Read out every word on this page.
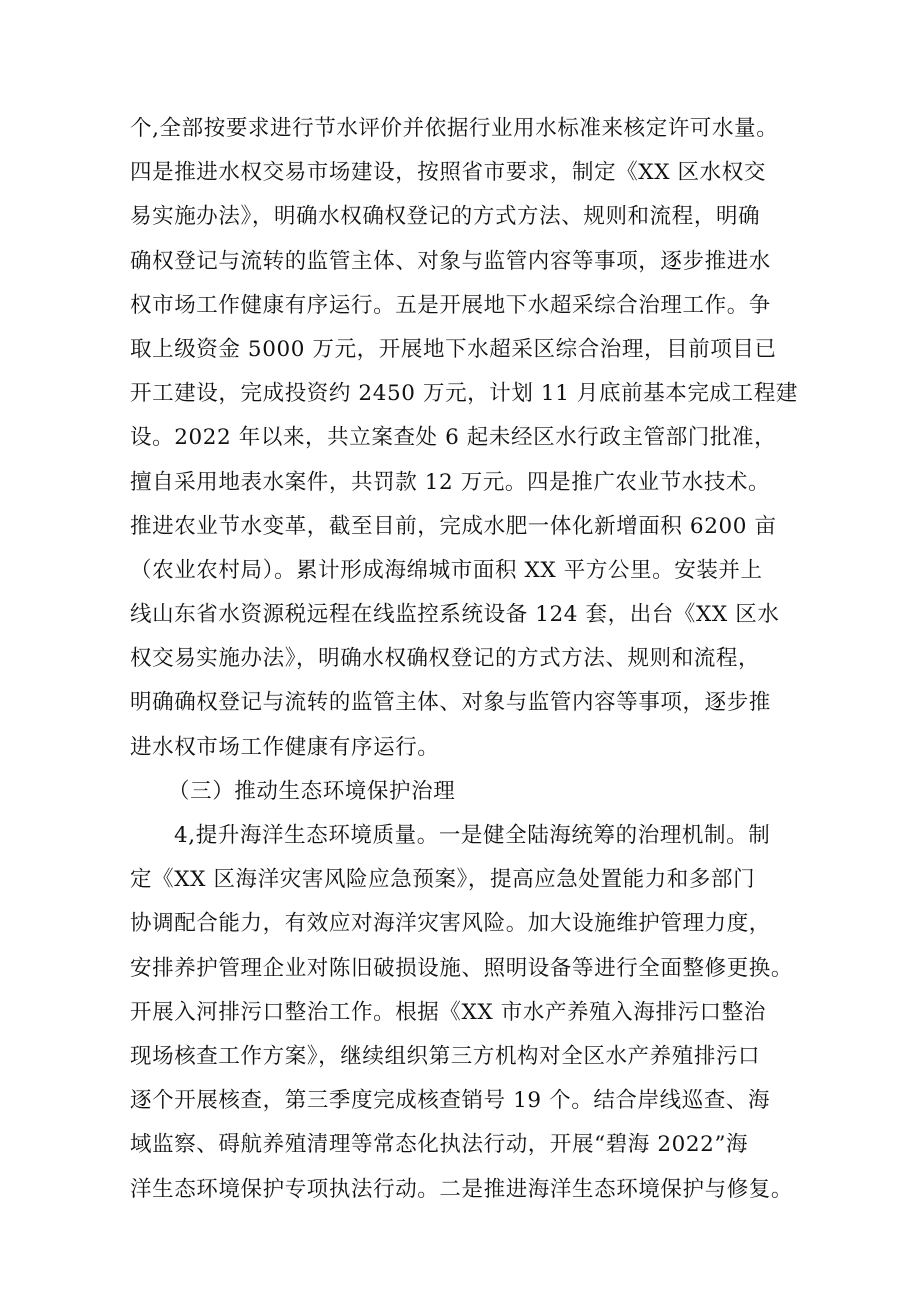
个,全部按要求进行节水评价并依据行业用水标准来核定许可水量。
四是推进水权交易市场建设，按照省市要求，制定《XX 区水权交
易实施办法》，明确水权确权登记的方式方法、规则和流程，明确
确权登记与流转的监管主体、对象与监管内容等事项，逐步推进水
权市场工作健康有序运行。五是开展地下水超采综合治理工作。争
取上级资金 5000 万元，开展地下水超采区综合治理，目前项目已
开工建设，完成投资约 2450 万元，计划 11 月底前基本完成工程建
设。2022 年以来，共立案查处 6 起未经区水行政主管部门批准，
擅自采用地表水案件，共罚款 12 万元。四是推广农业节水技术。
推进农业节水变革，截至目前，完成水肥一体化新增面积 6200 亩
（农业农村局）。累计形成海绵城市面积 XX 平方公里。安装并上
线山东省水资源税远程在线监控系统设备 124 套，出台《XX 区水
权交易实施办法》，明确水权确权登记的方式方法、规则和流程，
明确确权登记与流转的监管主体、对象与监管内容等事项，逐步推
进水权市场工作健康有序运行。
（三）推动生态环境保护治理
4,提升海洋生态环境质量。一是健全陆海统筹的治理机制。制
定《XX 区海洋灾害风险应急预案》，提高应急处置能力和多部门
协调配合能力，有效应对海洋灾害风险。加大设施维护管理力度，
安排养护管理企业对陈旧破损设施、照明设备等进行全面整修更换。
开展入河排污口整治工作。根据《XX 市水产养殖入海排污口整治
现场核查工作方案》，继续组织第三方机构对全区水产养殖排污口
逐个开展核查，第三季度完成核查销号 19 个。结合岸线巡查、海
域监察、碍航养殖清理等常态化执法行动，开展“碧海 2022”海
洋生态环境保护专项执法行动。二是推进海洋生态环境保护与修复。
